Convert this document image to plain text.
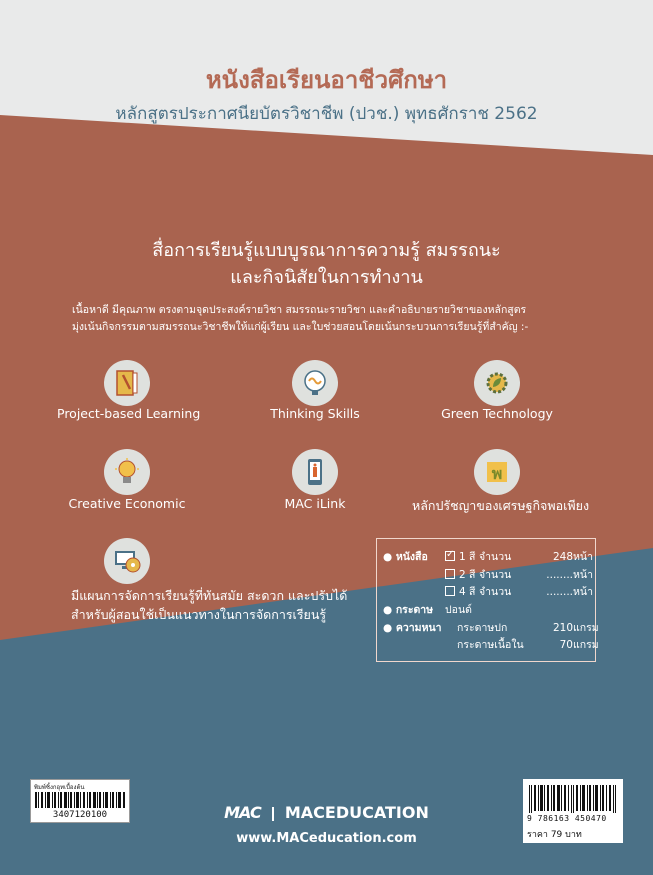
หนังสือเรียนอาชีวศึกษา
หลักสูตรประกาศนียบัตรวิชาชีพ (ปวช.) พุทธศักราช 2562
สื่อการเรียนรู้แบบบูรณาการความรู้ สมรรถนะ
และกิจนิสัยในการทำงาน
เนื้อหาดี มีคุณภาพ ตรงตามจุดประสงค์รายวิชา สมรรถนะรายวิชา และคำอธิบายรายวิชาของหลักสูตร
มุ่งเน้นกิจกรรมตามสมรรถนะวิชาชีพให้แก่ผู้เรียน และใบช่วยสอนโดยเน้นกระบวนการเรียนรู้ที่สำคัญ :-
Project-based Learning	Thinking Skills	Green Technology
Creative Economic	MAC iLink
พ
หลักปรัชญาของเศรษฐกิจพอเพียง
มีแผนการจัดการเรียนรู้ที่ทันสมัย สะดวก และปรับได้
สำหรับผู้สอนใช้เป็นแนวทางในการจัดการเรียนรู้
● หนังสือ
✓	1 สี จำนวน	248 หน้า
2 สี จำนวน	........ หน้า
4 สี จำนวน	........ หน้า
● กระดาษ ปอนด์
● ความหนา กระดาษปก	210 แกรม
กระดาษเนื้อใน	70 แกรม
พิมพ์ซิ้งกอุทเบื้องต้น
3407120100	9 786163 450470
ราคา 79 บาท
MAC MACEDUCATION
www.MACeducation.com
